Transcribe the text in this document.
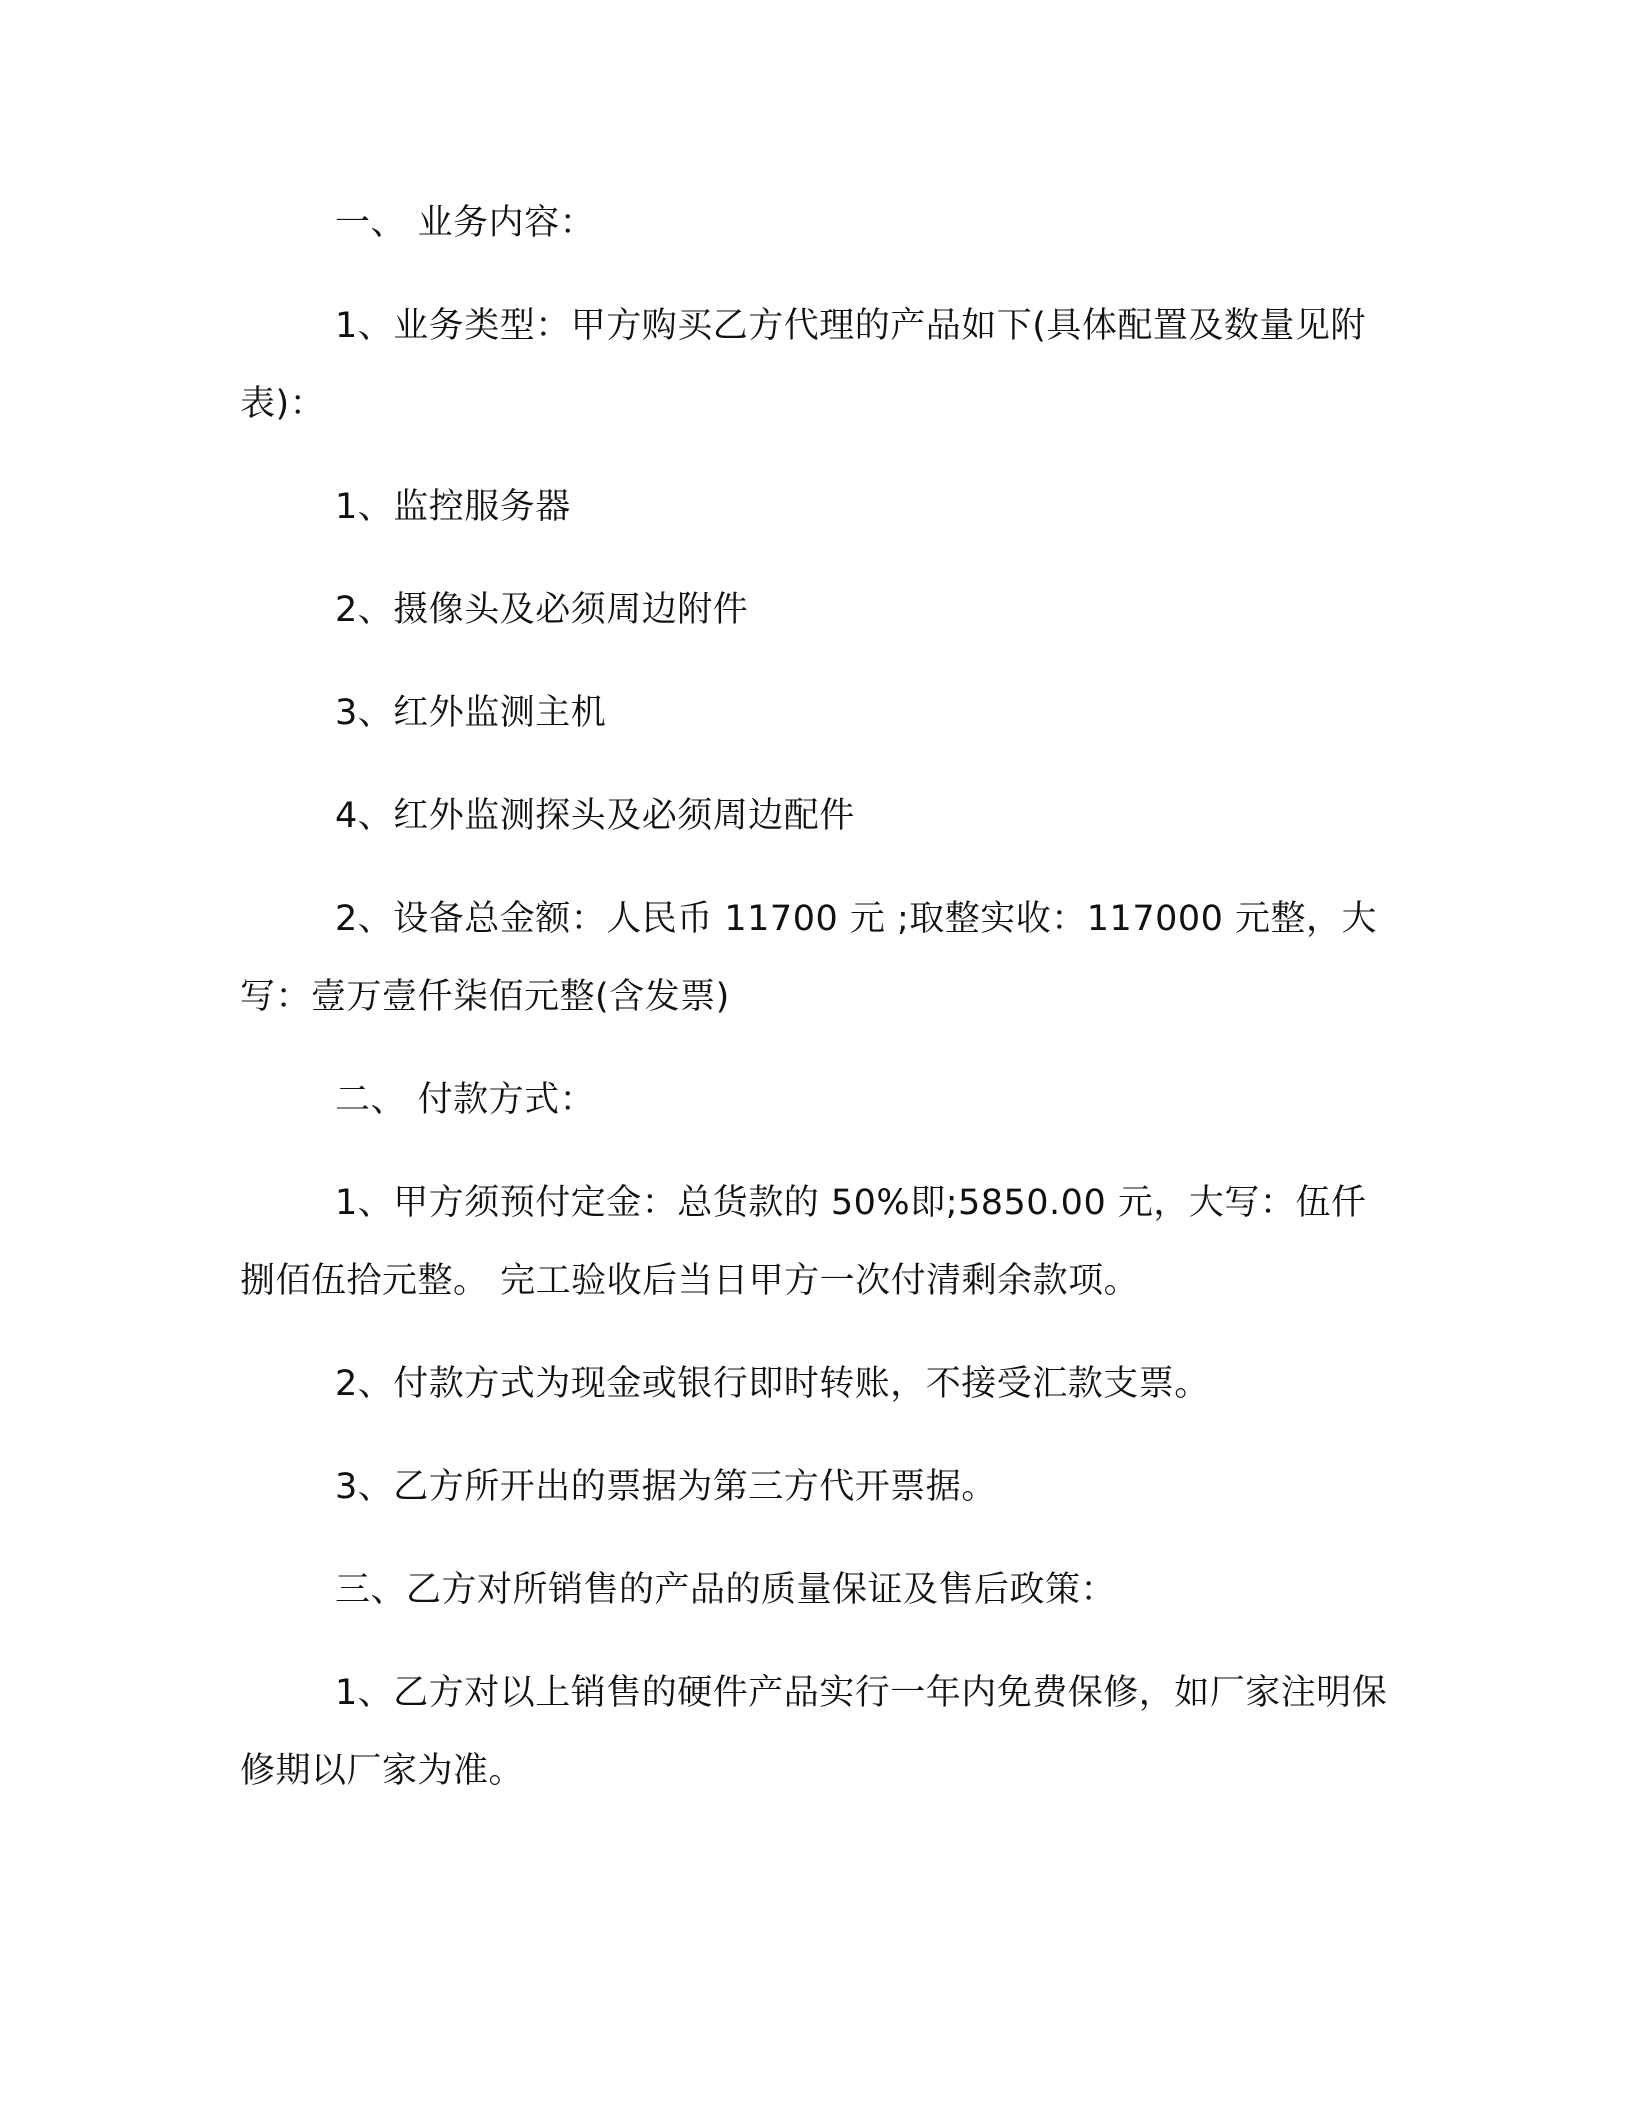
一、 业务内容：

1、业务类型：甲方购买乙方代理的产品如下(具体配置及数量见附表)：

1、监控服务器

2、摄像头及必须周边附件

3、红外监测主机

4、红外监测探头及必须周边配件

2、设备总金额：人民币 11700 元 ;取整实收：117000 元整，大写：壹万壹仟柒佰元整(含发票)

二、 付款方式：

1、甲方须预付定金：总货款的 50%即;5850.00 元，大写：伍仟捌佰伍拾元整。 完工验收后当日甲方一次付清剩余款项。

2、付款方式为现金或银行即时转账，不接受汇款支票。

3、乙方所开出的票据为第三方代开票据。

三、乙方对所销售的产品的质量保证及售后政策：

1、乙方对以上销售的硬件产品实行一年内免费保修，如厂家注明保修期以厂家为准。
